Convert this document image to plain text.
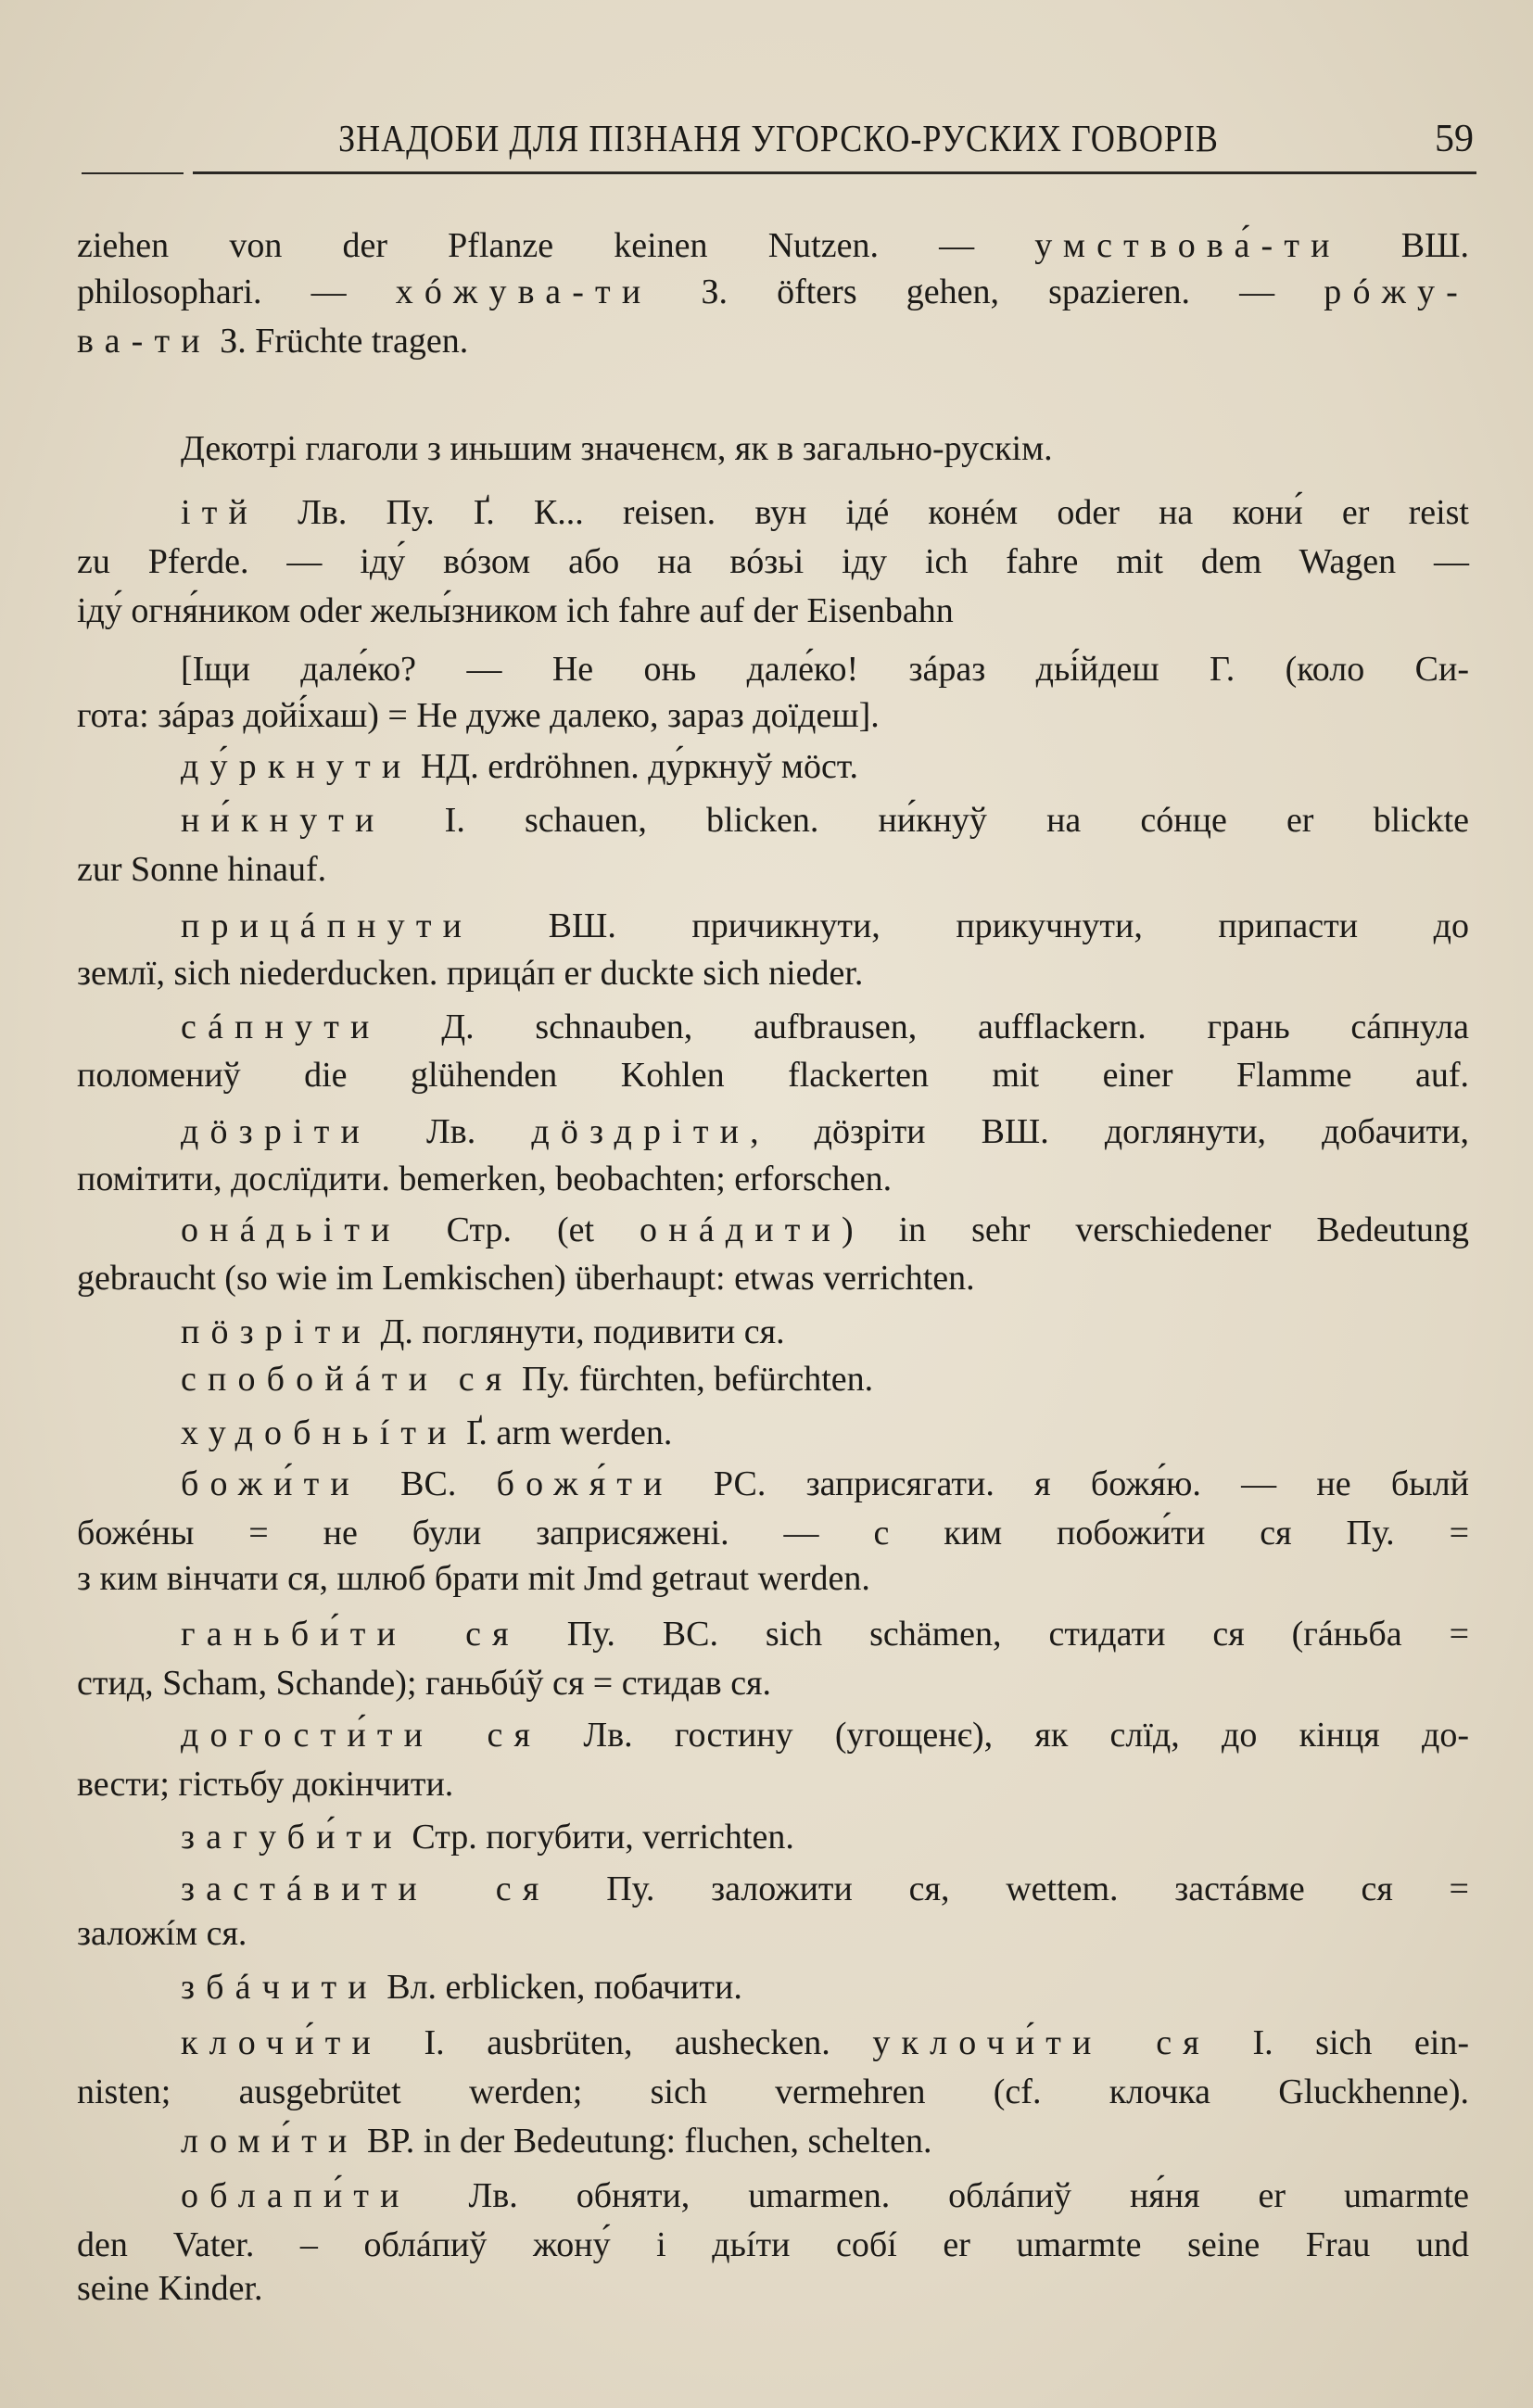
ЗНАДОБИ ДЛЯ ПІЗНАНЯ УГОРСКО-РУСКИХ ГОВОРІВ	59
ziehen von der Pflanze keinen Nutzen. — умствова́-ти ВШ.
philosophari. — хóжува-ти З. öfters gehen, spazieren. — рóжу-
ва-ти З. Früchte tragen.
Декотрі глаголи з иньшим значенєм, як в загально-рускім.
ітй Лв. Пу. Ґ. К... reisen. вун ідé конéм oder на кони́ er reist
zu Pferde. — іду́ вóзом або на вóзьі іду ich fahre mit dem Wagen —
іду́ огня́ником oder желы́зником ich fahre auf der Eisenbahn
[Іщи дале́ко? — Не онь дале́ко! зáраз дьі́йдеш Г. (коло Си-
гота: зáраз дойі́хаш) = Не дуже далеко, зараз доїдеш].
ду́ркнути НД. erdröhnen. ду́ркнуў мöст.
ни́кнути I. schauen, blicken. ни́кнуў на сóнце er blickte
zur Sonne hinauf.
прицáпнути ВШ. причикнути, прикучнути, припасти до
землї, sich niederducken. прицáп er duckte sich nieder.
сáпнути Д. schnauben, aufbrausen, aufflackern. грань сáпнула
поломениў die glühenden Kohlen flackerten mit einer Flamme auf.
дöзріти Лв. дöздріти, дöзріти ВШ. доглянути, добачити,
помітити, дослїдити. bemerken, beobachten; erforschen.
онáдьіти Стр. (et онáдити) in sehr verschiedener Bedeutung
gebraucht (so wie im Lemkischen) überhaupt: etwas verrichten.
пöзріти Д. поглянути, подивити ся.
спобойáти ся Пу. fürchten, befürchten.
худобньíти Ґ. arm werden.
божи́ти ВС. божя́ти РС. заприсягати. я божя́ю. — не былй
божéны = не були заприсяжені. — с ким побожи́ти ся Пу. =
з ким вінчати ся, шлюб брати mit Jmd getraut werden.
ганьби́ти ся Пу. ВС. sich schämen, стидати ся (гáньба =
стид, Scham, Schande); ганьбúў ся = стидав ся.
догости́ти ся Лв. гостину (угощенє), як слїд, до кінця до-
вести; гістьбу докінчити.
загуби́ти Стр. погубити, verrichten.
застáвити ся Пу. заложити ся, wettem. застáвме ся =
заложíм ся.
збáчити Вл. erblicken, побачити.
клочи́ти I. ausbrüten, aushecken. уклочи́ти ся I. sich ein-
nisten; ausgebrütet werden; sich vermehren (cf. клочка Gluckhenne).
ломи́ти ВР. in der Bedeutung: fluchen, schelten.
облапи́ти Лв. обняти, umarmen. облáпиў ня́ня er umarmte
den Vater. – облáпиў жону́ і дьíти собí er umarmte seine Frau und
seine Kinder.
